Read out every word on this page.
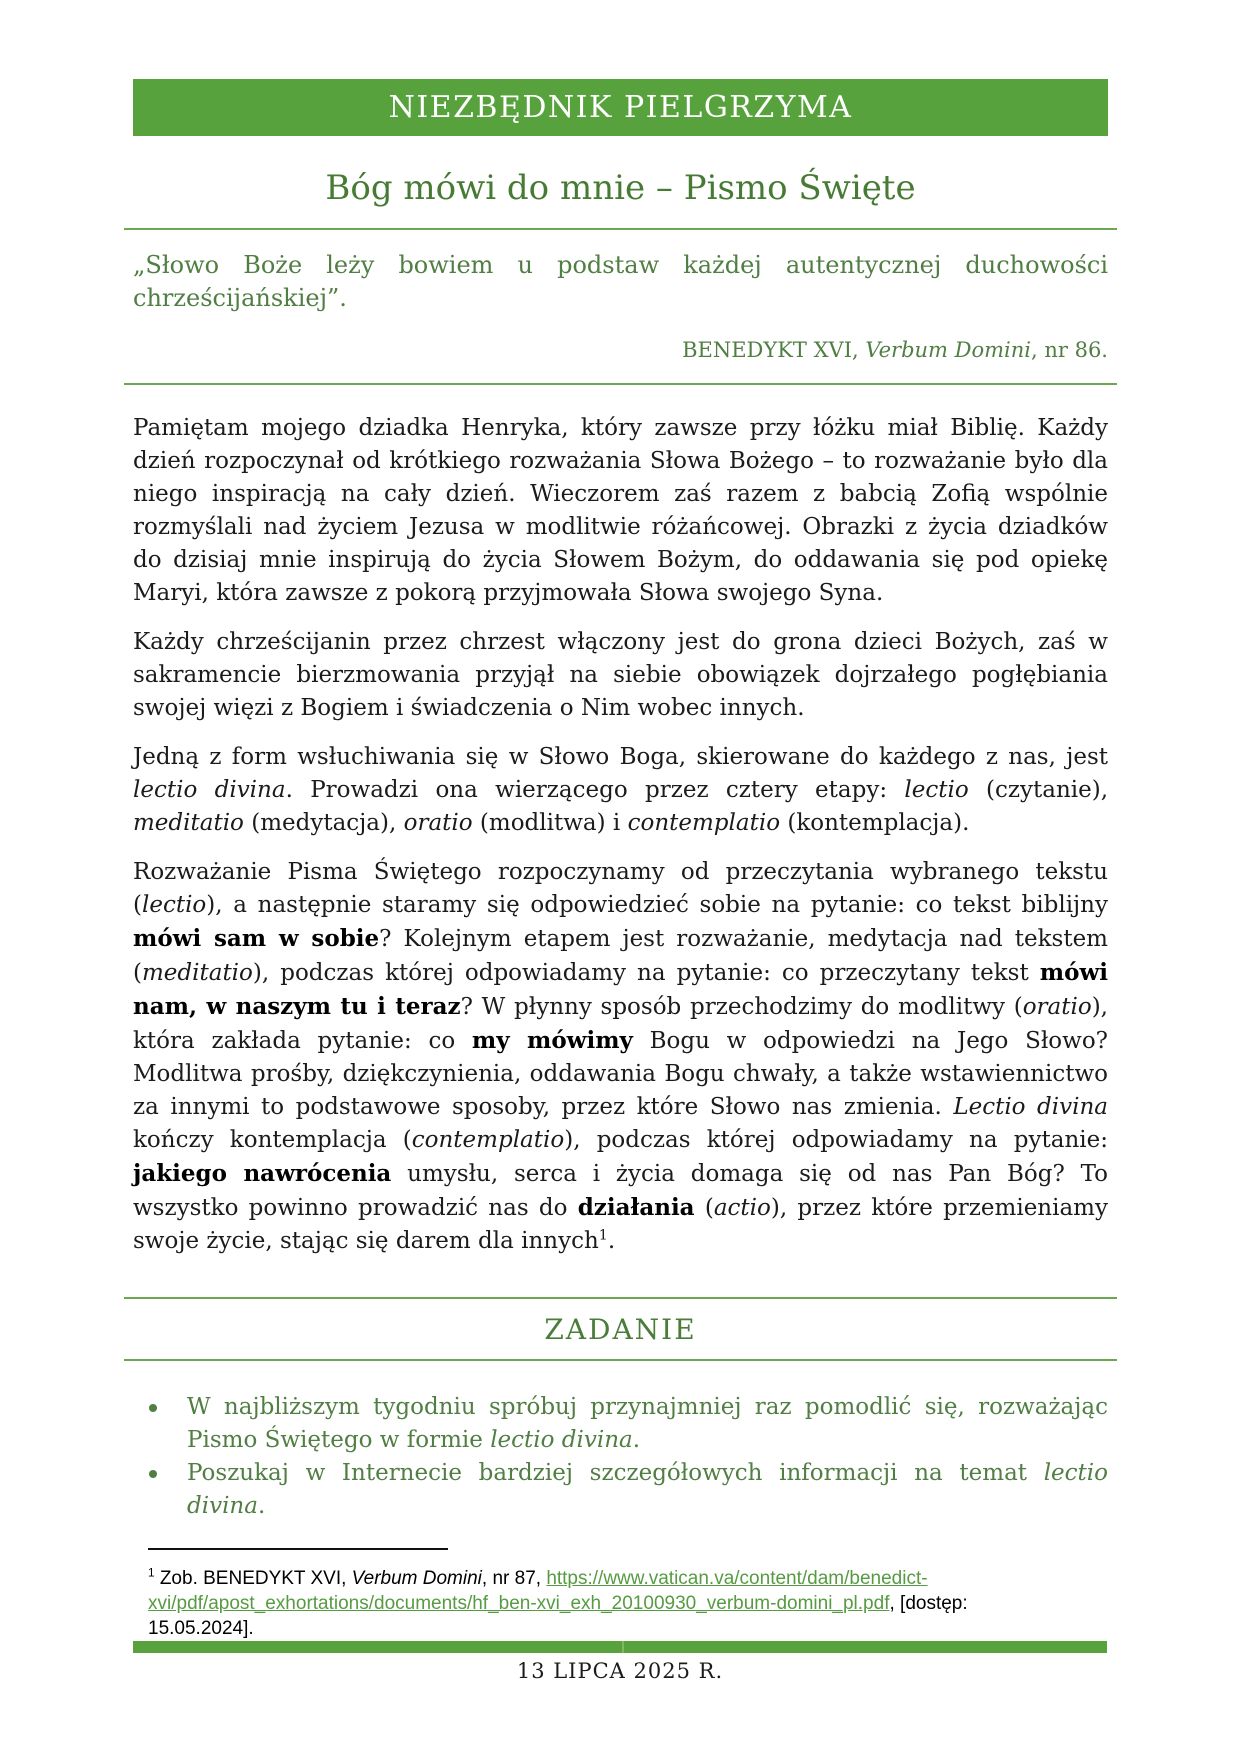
NIEZBĘDNIK PIELGRZYMA
Bóg mówi do mnie – Pismo Święte

„Słowo Boże leży bowiem u podstaw każdej autentycznej duchowości chrześcijańskiej”.

BENEDYKT XVI, Verbum Domini, nr 86.

Pamiętam mojego dziadka Henryka, który zawsze przy łóżku miał Biblię. Każdy dzień rozpoczynał od krótkiego rozważania Słowa Bożego – to rozważanie było dla niego inspiracją na cały dzień. Wieczorem zaś razem z babcią Zofią wspólnie rozmyślali nad życiem Jezusa w modlitwie różańcowej. Obrazki z życia dziadków do dzisiaj mnie inspirują do życia Słowem Bożym, do oddawania się pod opiekę Maryi, która zawsze z pokorą przyjmowała Słowa swojego Syna.

Każdy chrześcijanin przez chrzest włączony jest do grona dzieci Bożych, zaś w sakramencie bierzmowania przyjął na siebie obowiązek dojrzałego pogłębiania swojej więzi z Bogiem i świadczenia o Nim wobec innych.

Jedną z form wsłuchiwania się w Słowo Boga, skierowane do każdego z nas, jest lectio divina. Prowadzi ona wierzącego przez cztery etapy: lectio (czytanie), meditatio (medytacja), oratio (modlitwa) i contemplatio (kontemplacja).

Rozważanie Pisma Świętego rozpoczynamy od przeczytania wybranego tekstu (lectio), a następnie staramy się odpowiedzieć sobie na pytanie: co tekst biblijny mówi sam w sobie? Kolejnym etapem jest rozważanie, medytacja nad tekstem (meditatio), podczas której odpowiadamy na pytanie: co przeczytany tekst mówi nam, w naszym tu i teraz? W płynny sposób przechodzimy do modlitwy (oratio), która zakłada pytanie: co my mówimy Bogu w odpowiedzi na Jego Słowo? Modlitwa prośby, dziękczynienia, oddawania Bogu chwały, a także wstawiennictwo za innymi to podstawowe sposoby, przez które Słowo nas zmienia. Lectio divina kończy kontemplacja (contemplatio), podczas której odpowiadamy na pytanie: jakiego nawrócenia umysłu, serca i życia domaga się od nas Pan Bóg? To wszystko powinno prowadzić nas do działania (actio), przez które przemieniamy swoje życie, stając się darem dla innych$^1$.

ZADANIE
W najbliższym tygodniu spróbuj przynajmniej raz pomodlić się, rozważając Pismo Świętego w formie lectio divina.
Poszukaj w Internecie bardziej szczegółowych informacji na temat lectio divina.

$^1$ Zob. BENEDYKT XVI, Verbum Domini, nr 87, https://www.vatican.va/content/dam/benedict-
xvi/pdf/apost_exhortations/documents/hf_ben-xvi_exh_20100930_verbum-domini_pl.pdf, [dostęp:
15.05.2024].

13 LIPCA 2025 R.
